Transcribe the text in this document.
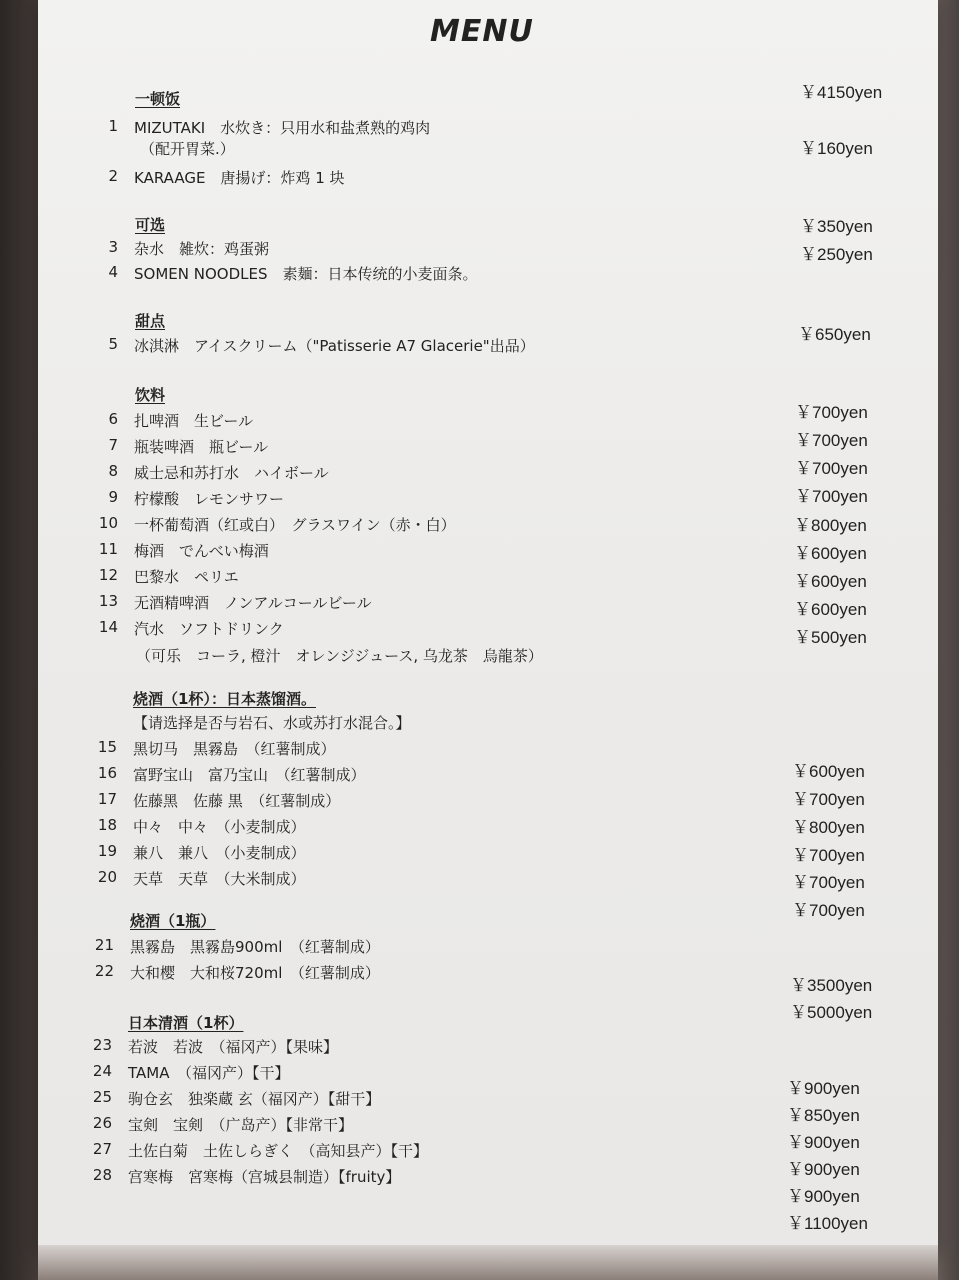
MENU
一顿饭
1 MIZUTAKI　水炊き：只用水和盐煮熟的鸡肉
（配开胃菜.）
2 KARAAGE　唐揚げ：炸鸡 1 块
可选
3 杂水　雑炊：鸡蛋粥
4 SOMEN NOODLES　素麺：日本传统的小麦面条。
甜点
5 冰淇淋　アイスクリーム（"Patisserie A7 Glacerie"出品）
饮料
6 扎啤酒　生ビール
7 瓶装啤酒　瓶ビール
8 威士忌和苏打水　ハイボール
9 柠檬酸　レモンサワー
10 一杯葡萄酒（红或白）　グラスワイン（赤・白）
11 梅酒　でんべい梅酒
12 巴黎水　ペリエ
13 无酒精啤酒　ノンアルコールビール
14 汽水　ソフトドリンク
（可乐　コーラ, 橙汁　オレンジジュース, 乌龙茶　烏龍茶）
烧酒（1杯）：日本蒸馏酒。
【请选择是否与岩石、水或苏打水混合。】
15 黑切马　黒霧島　（红薯制成）
16 富野宝山　富乃宝山　（红薯制成）
17 佐藤黑　佐藤 黒　（红薯制成）
18 中々　中々　（小麦制成）
19 兼八　兼八　（小麦制成）
20 天草　天草　（大米制成）
烧酒（1瓶）
21 黒霧島　黒霧島900ml　（红薯制成）
22 大和樱　大和桜720ml　（红薯制成）
日本清酒（1杯）
23 若波　若波　（福冈产）【果味】
24 TAMA　（福冈产）【干】
25 驹仓玄　独楽蔵 玄（福冈产）【甜干】
26 宝剣　宝剣　（广岛产）【非常干】
27 土佐白菊　土佐しらぎく　（高知县产）【干】
28 宫寒梅　宮寒梅（宫城县制造）【fruity】
￥4150yen
￥160yen
￥350yen
￥250yen
￥650yen
￥700yen
￥700yen
￥700yen
￥700yen
￥800yen
￥600yen
￥600yen
￥600yen
￥500yen
￥600yen
￥700yen
￥800yen
￥700yen
￥700yen
￥700yen
￥3500yen
￥5000yen
￥900yen
￥850yen
￥900yen
￥900yen
￥900yen
￥1100yen
